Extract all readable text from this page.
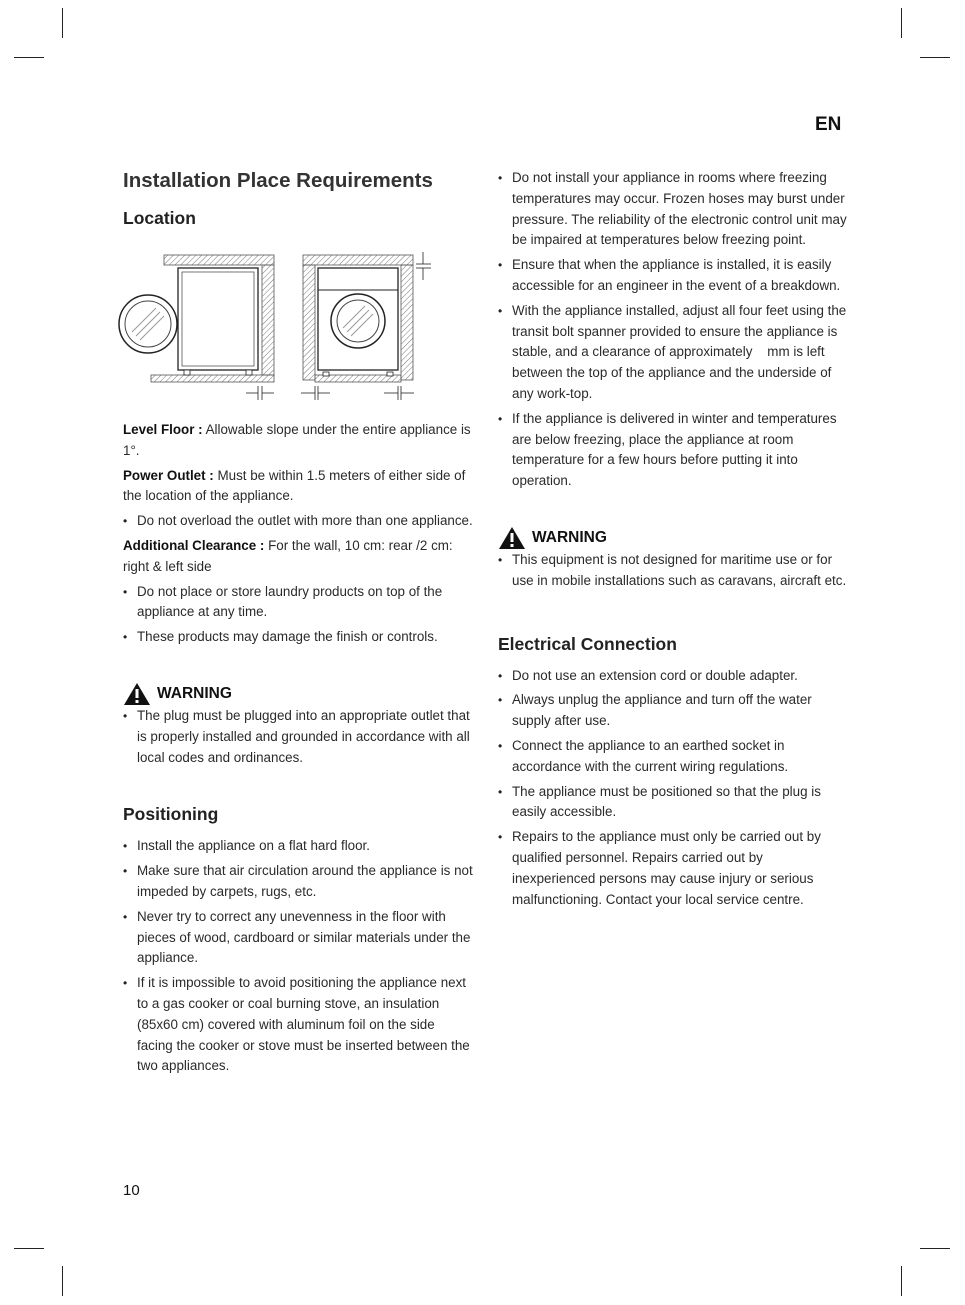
EN
Installation Place Requirements
Location

Level Floor : Allowable slope under the entire appliance is 1°.

Power Outlet : Must be within 1.5 meters of either side of the location of the appliance.

• Do not overload the outlet with more than one appliance.

Additional Clearance : For the wall, 10 cm: rear /2 cm: right & left side

• Do not place or store laundry products on top of the appliance at any time.
• These products may damage the finish or controls.
WARNING
• The plug must be plugged into an appropriate outlet that is properly installed and grounded in accordance with all local codes and ordinances.
Positioning
• Install the appliance on a flat hard floor.
• Make sure that air circulation around the appliance is not impeded by carpets, rugs, etc.
• Never try to correct any unevenness in the floor with pieces of wood, cardboard or similar materials under the appliance.
• If it is impossible to avoid positioning the appliance next to a gas cooker or coal burning stove, an insulation (85x60 cm) covered with aluminum foil on the side facing the cooker or stove must be inserted between the two appliances.
• Do not install your appliance in rooms where freezing temperatures may occur. Frozen hoses may burst under pressure. The reliability of the electronic control unit may be impaired at temperatures below freezing point.
• Ensure that when the appliance is installed, it is easily accessible for an engineer in the event of a breakdown.
• With the appliance installed, adjust all four feet using the transit bolt spanner provided to ensure the appliance is stable, and a clearance of approximately    mm is left between the top of the appliance and the underside of any work-top.
• If the appliance is delivered in winter and temperatures are below freezing, place the appliance at room temperature for a few hours before putting it into operation.
WARNING
• This equipment is not designed for maritime use or for use in mobile installations such as caravans, aircraft etc.
Electrical Connection
• Do not use an extension cord or double adapter.
• Always unplug the appliance and turn off the water supply after use.
• Connect the appliance to an earthed socket in accordance with the current wiring regulations.
• The appliance must be positioned so that the plug is easily accessible.
• Repairs to the appliance must only be carried out by qualified personnel. Repairs carried out by inexperienced persons may cause injury or serious malfunctioning. Contact your local service centre.
10
